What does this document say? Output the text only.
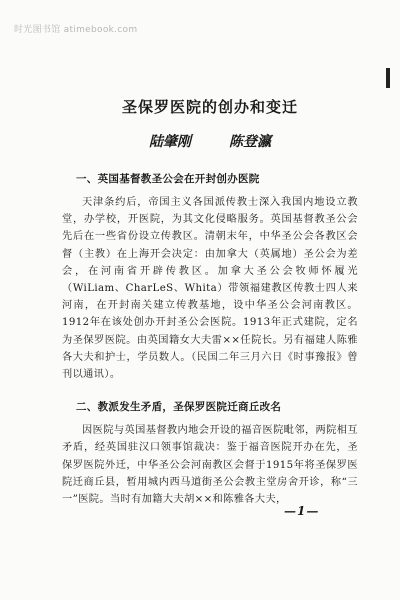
时光图书馆 atimebook.com
圣保罗医院的创办和变迁
陆肇刚	陈登瀛
一、英国基督教圣公会在开封创办医院

天津条约后，帝国主义各国派传教士深入我国内地设立教堂，办学校，开医院，为其文化侵略服务。英国基督教圣公会先后在一些省份设立传教区。清朝末年，中华圣公会各教区会督（主教）在上海开会决定：由加拿大（英属地）圣公会为差会，在河南省开辟传教区。加拿大圣公会牧师怀履光（WiLiam、CharLeS、Whita）带领福建教区传教士四人来河南，在开封南关建立传教基地，设中华圣公会河南教区。1912年在该处创办开封圣公会医院。1913年正式建院，定名为圣保罗医院。由英国籍女大夫雷××任院长。另有福建人陈雅各大夫和护士，学员数人。（民国二年三月六日《时事豫报》曾刊以通讯）。

二、教派发生矛盾，圣保罗医院迁商丘改名

因医院与英国基督教内地会开设的福音医院毗邻，两院相互矛盾，经英国驻汉口领事馆裁决：鉴于福音医院开办在先，圣保罗医院外迁，中华圣公会河南教区会督于1915年将圣保罗医院迁商丘县，暂用城内西马道街圣公会教主堂房舍开诊，称“三一”医院。当时有加籍大夫胡××和陈雅各大夫，

—1—
